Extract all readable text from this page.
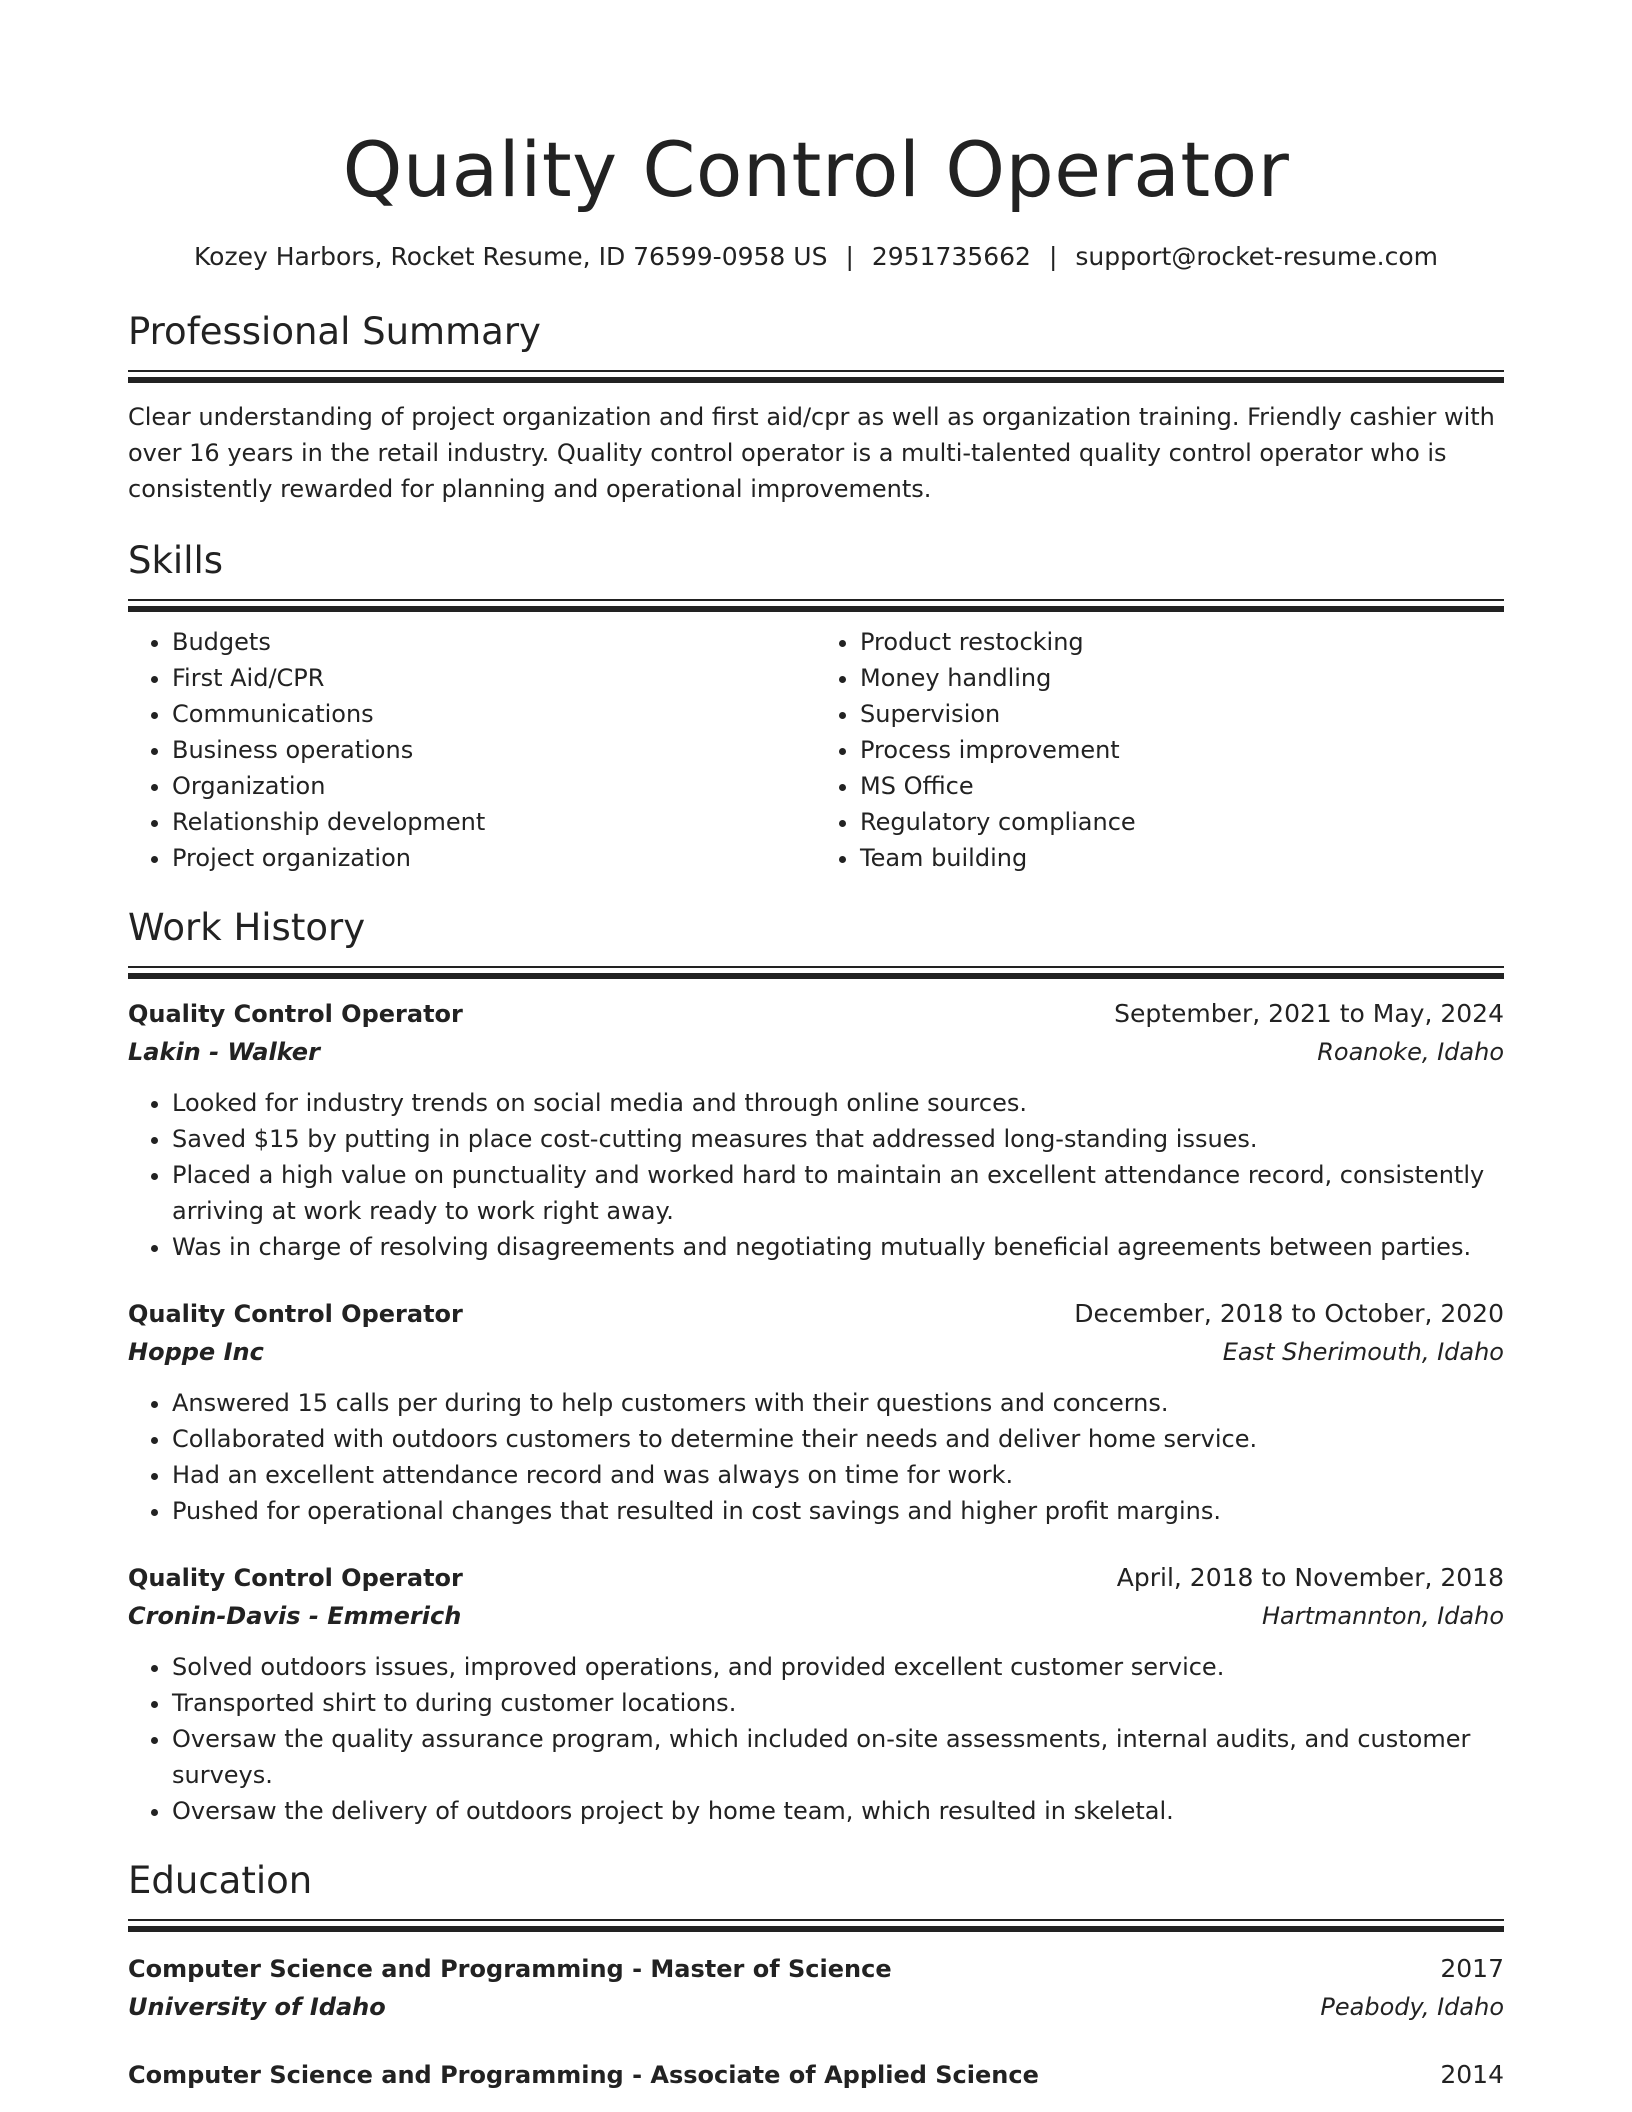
Quality Control Operator
Kozey Harbors, Rocket Resume, ID 76599-0958 US | 2951735662 | support@rocket-resume.com
Professional Summary
Clear understanding of project organization and first aid/cpr as well as organization training. Friendly cashier with over 16 years in the retail industry. Quality control operator is a multi-talented quality control operator who is consistently rewarded for planning and operational improvements.
Skills
• Budgets
• First Aid/CPR
• Communications
• Business operations
• Organization
• Relationship development
• Project organization
• Product restocking
• Money handling
• Supervision
• Process improvement
• MS Office
• Regulatory compliance
• Team building
Work History
Quality Control Operator	September, 2021 to May, 2024
Lakin - Walker	Roanoke, Idaho
• Looked for industry trends on social media and through online sources.
• Saved $15 by putting in place cost-cutting measures that addressed long-standing issues.
• Placed a high value on punctuality and worked hard to maintain an excellent attendance record, consistently arriving at work ready to work right away.
• Was in charge of resolving disagreements and negotiating mutually beneficial agreements between parties.
Quality Control Operator	December, 2018 to October, 2020
Hoppe Inc	East Sherimouth, Idaho
• Answered 15 calls per during to help customers with their questions and concerns.
• Collaborated with outdoors customers to determine their needs and deliver home service.
• Had an excellent attendance record and was always on time for work.
• Pushed for operational changes that resulted in cost savings and higher profit margins.
Quality Control Operator	April, 2018 to November, 2018
Cronin-Davis - Emmerich	Hartmannton, Idaho
• Solved outdoors issues, improved operations, and provided excellent customer service.
• Transported shirt to during customer locations.
• Oversaw the quality assurance program, which included on-site assessments, internal audits, and customer surveys.
• Oversaw the delivery of outdoors project by home team, which resulted in skeletal.
Education
Computer Science and Programming - Master of Science	2017
University of Idaho	Peabody, Idaho
Computer Science and Programming - Associate of Applied Science	2014
